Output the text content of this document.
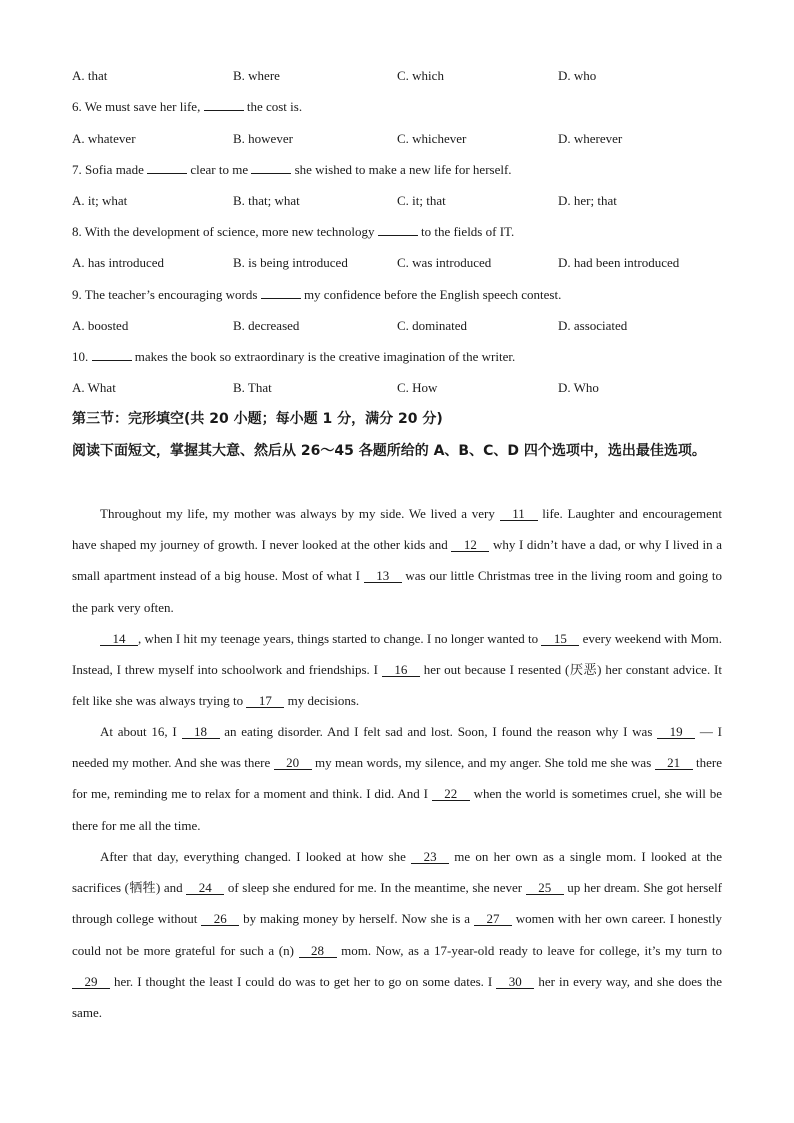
A. that	B. where	C. which	D. who
6. We must save her life,	the cost is.
A. whatever	B. however	C. whichever	D. wherever
7. Sofia made	clear to me	she wished to make a new life for herself.
A. it; what	B. that; what	C. it; that	D. her; that
8. With the development of science, more new technology	to the fields of IT.
A. has introduced	B. is being introduced	C. was introduced	D. had been introduced
9. The teacher’s encouraging words	my confidence before the English speech contest.
A. boosted	B. decreased	C. dominated	D. associated
10.	makes the book so extraordinary is the creative imagination of the writer.
A. What	B. That	C. How	D. Who
第三节：完形填空(共 20 小题；每小题 1 分，满分 20 分)
阅读下面短文，掌握其大意、然后从 26～45 各题所给的 A、B、C、D 四个选项中，选出最佳选项。
Throughout my life, my mother was always by my side. We lived a very 11 life. Laughter and encouragement have shaped my journey of growth. I never looked at the other kids and 12 why I didn’t have a dad, or why I lived in a small apartment instead of a big house. Most of what I 13 was our little Christmas tree in the living room and going to the park very often.
14 , when I hit my teenage years, things started to change. I no longer wanted to 15 every weekend with Mom. Instead, I threw myself into schoolwork and friendships. I 16 her out because I resented (厌恶) her constant advice. It felt like she was always trying to 17 my decisions.
At about 16, I 18 an eating disorder. And I felt sad and lost. Soon, I found the reason why I was 19 — I needed my mother. And she was there 20 my mean words, my silence, and my anger. She told me she was 21 there for me, reminding me to relax for a moment and think. I did. And I 22 when the world is sometimes cruel, she will be there for me all the time.
After that day, everything changed. I looked at how she 23 me on her own as a single mom. I looked at the sacrifices (牺牲) and 24 of sleep she endured for me. In the meantime, she never 25 up her dream. She got herself through college without 26 by making money by herself. Now she is a 27 women with her own career. I honestly could not be more grateful for such a (n) 28 mom. Now, as a 17-year-old ready to leave for college, it’s my turn to 29 her. I thought the least I could do was to get her to go on some dates. I 30 her in every way, and she does the same.
